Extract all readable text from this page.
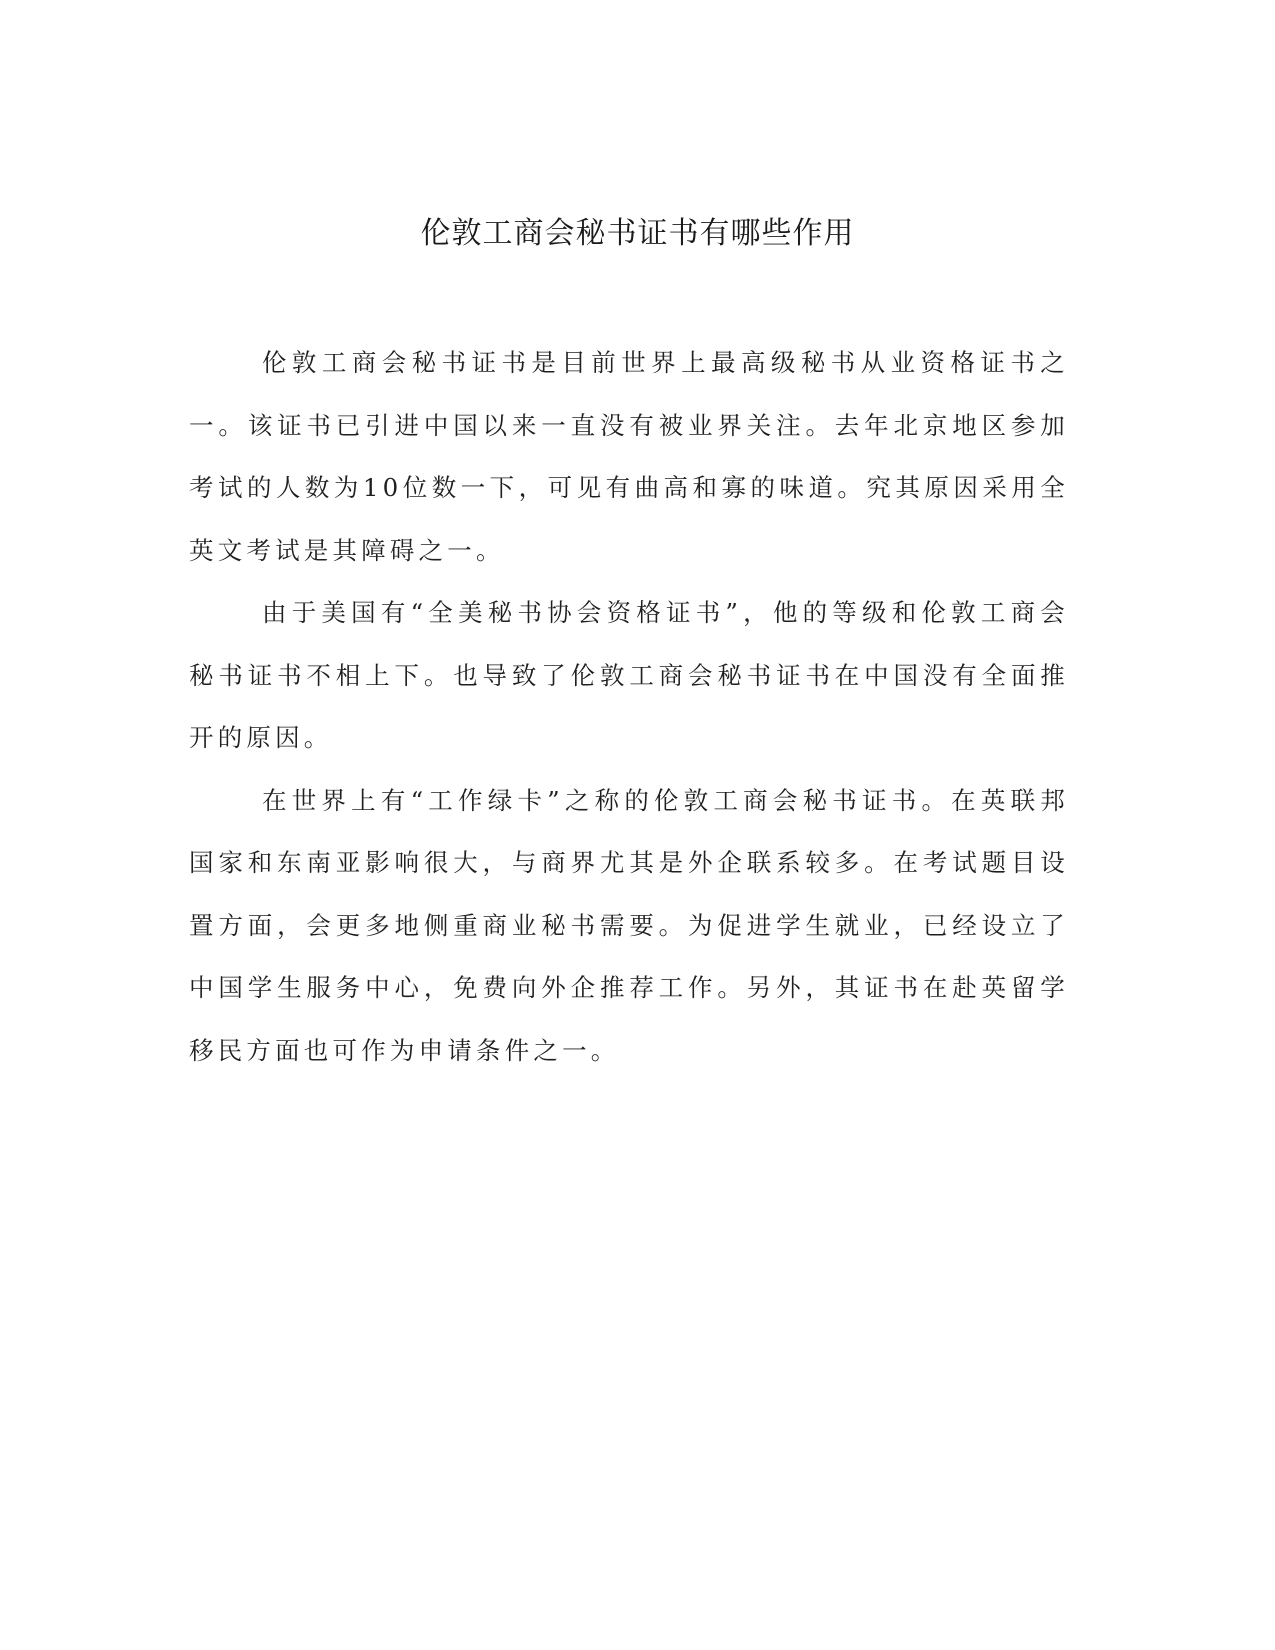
伦敦工商会秘书证书有哪些作用

伦敦工商会秘书证书是目前世界上最高级秘书从业资格证书之一。该证书已引进中国以来一直没有被业界关注。去年北京地区参加考试的人数为10位数一下，可见有曲高和寡的味道。究其原因采用全英文考试是其障碍之一。

由于美国有“全美秘书协会资格证书”，他的等级和伦敦工商会秘书证书不相上下。也导致了伦敦工商会秘书证书在中国没有全面推开的原因。

在世界上有“工作绿卡”之称的伦敦工商会秘书证书。在英联邦国家和东南亚影响很大，与商界尤其是外企联系较多。在考试题目设置方面，会更多地侧重商业秘书需要。为促进学生就业，已经设立了中国学生服务中心，免费向外企推荐工作。另外，其证书在赴英留学移民方面也可作为申请条件之一。
